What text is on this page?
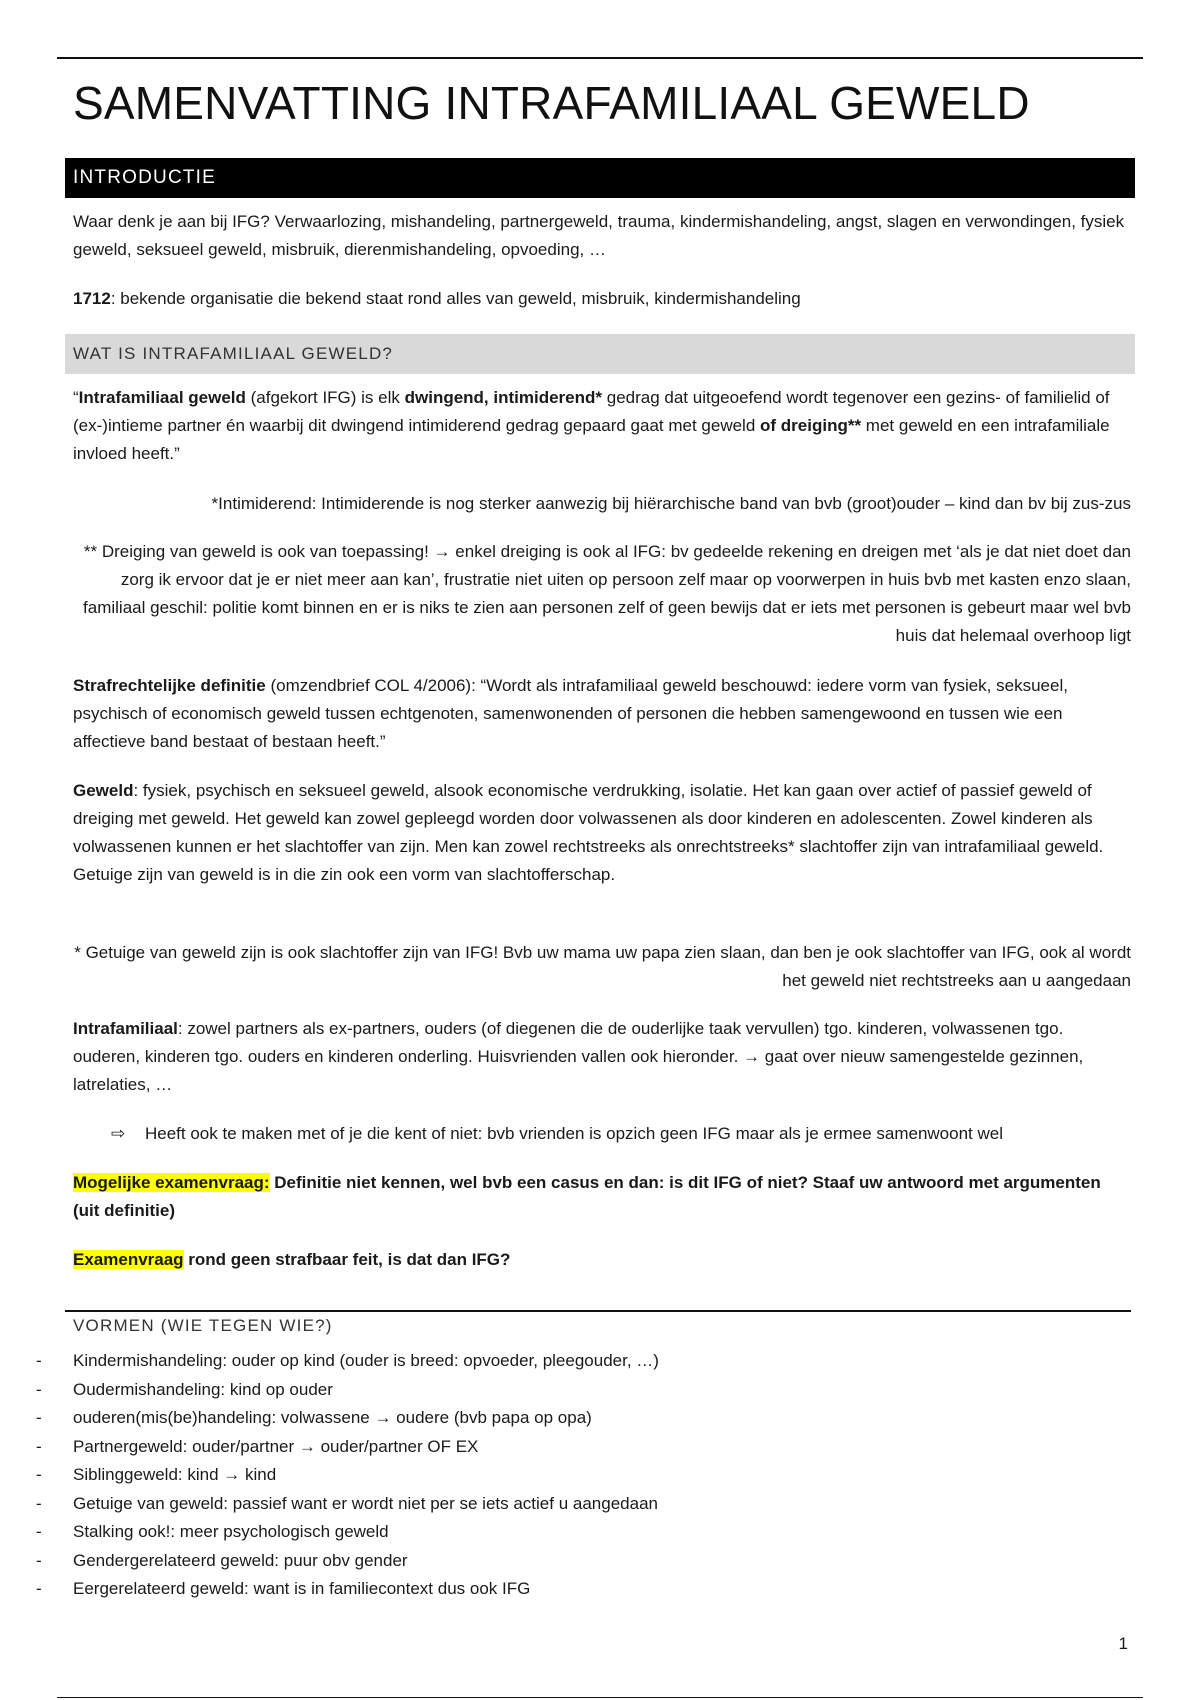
SAMENVATTING INTRAFAMILIAAL GEWELD
INTRODUCTIE

Waar denk je aan bij IFG? Verwaarlozing, mishandeling, partnergeweld, trauma, kindermishandeling, angst, slagen en verwondingen, fysiek geweld, seksueel geweld, misbruik, dierenmishandeling, opvoeding, …

1712: bekende organisatie die bekend staat rond alles van geweld, misbruik, kindermishandeling

WAT IS INTRAFAMILIAAL GEWELD?

“Intrafamiliaal geweld (afgekort IFG) is elk dwingend, intimiderend* gedrag dat uitgeoefend wordt tegenover een gezins- of familielid of (ex-)intieme partner én waarbij dit dwingend intimiderend gedrag gepaard gaat met geweld of dreiging** met geweld en een intrafamiliale invloed heeft.”

*Intimiderend: Intimiderende is nog sterker aanwezig bij hiërarchische band van bvb (groot)ouder – kind dan bv bij zus-zus

** Dreiging van geweld is ook van toepassing! → enkel dreiging is ook al IFG: bv gedeelde rekening en dreigen met ‘als je dat niet doet dan zorg ik ervoor dat je er niet meer aan kan’, frustratie niet uiten op persoon zelf maar op voorwerpen in huis bvb met kasten enzo slaan, familiaal geschil: politie komt binnen en er is niks te zien aan personen zelf of geen bewijs dat er iets met personen is gebeurt maar wel bvb huis dat helemaal overhoop ligt

Strafrechtelijke definitie (omzendbrief COL 4/2006): “Wordt als intrafamiliaal geweld beschouwd: iedere vorm van fysiek, seksueel, psychisch of economisch geweld tussen echtgenoten, samenwonenden of personen die hebben samengewoond en tussen wie een affectieve band bestaat of bestaan heeft.”

Geweld: fysiek, psychisch en seksueel geweld, alsook economische verdrukking, isolatie. Het kan gaan over actief of passief geweld of dreiging met geweld. Het geweld kan zowel gepleegd worden door volwassenen als door kinderen en adolescenten. Zowel kinderen als volwassenen kunnen er het slachtoffer van zijn. Men kan zowel rechtstreeks als onrechtstreeks* slachtoffer zijn van intrafamiliaal geweld. Getuige zijn van geweld is in die zin ook een vorm van slachtofferschap.

* Getuige van geweld zijn is ook slachtoffer zijn van IFG! Bvb uw mama uw papa zien slaan, dan ben je ook slachtoffer van IFG, ook al wordt het geweld niet rechtstreeks aan u aangedaan

Intrafamiliaal: zowel partners als ex-partners, ouders (of diegenen die de ouderlijke taak vervullen) tgo. kinderen, volwassenen tgo. ouderen, kinderen tgo. ouders en kinderen onderling. Huisvrienden vallen ook hieronder. → gaat over nieuw samengestelde gezinnen, latrelaties, …

⇨	Heeft ook te maken met of je die kent of niet: bvb vrienden is opzich geen IFG maar als je ermee samenwoont wel

Mogelijke examenvraag: Definitie niet kennen, wel bvb een casus en dan: is dit IFG of niet? Staaf uw antwoord met argumenten (uit definitie)

Examenvraag rond geen strafbaar feit, is dat dan IFG?

VORMEN (WIE TEGEN WIE?)
- Kindermishandeling: ouder op kind (ouder is breed: opvoeder, pleegouder, …)
- Oudermishandeling: kind op ouder
- ouderen(mis(be)handeling: volwassene → oudere (bvb papa op opa)
- Partnergeweld: ouder/partner → ouder/partner OF EX
- Siblinggeweld: kind → kind
- Getuige van geweld: passief want er wordt niet per se iets actief u aangedaan
- Stalking ook!: meer psychologisch geweld
- Gendergerelateerd geweld: puur obv gender
- Eergerelateerd geweld: want is in familiecontext dus ook IFG
1
